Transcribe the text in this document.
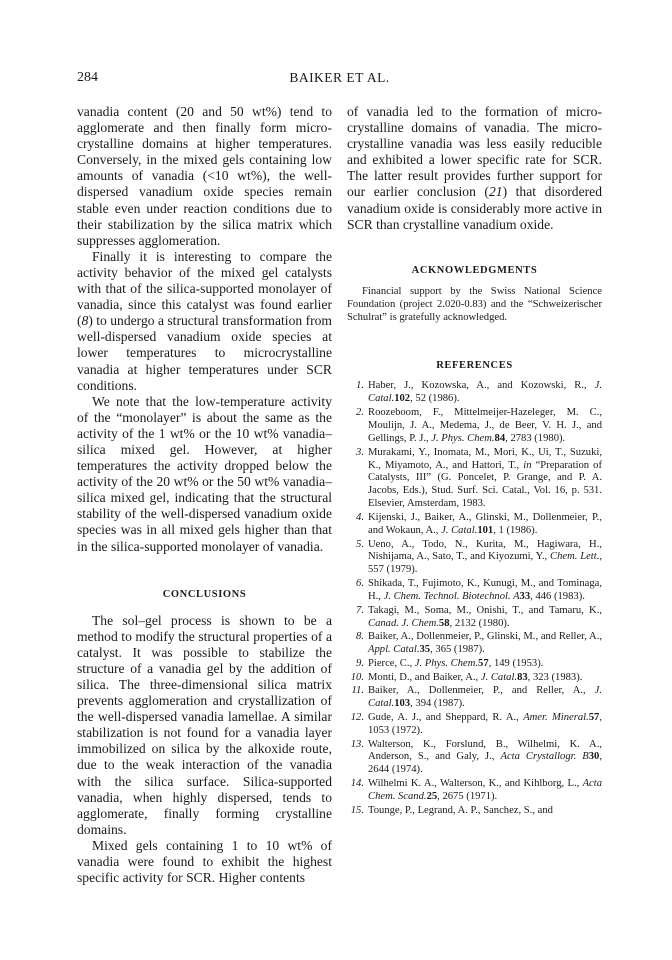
284	BAIKER ET AL.

vanadia content (20 and 50 wt%) tend to agglomerate and then finally form microcrystalline domains at higher temperatures. Conversely, in the mixed gels containing low amounts of vanadia (<10 wt%), the well-dispersed vanadium oxide species remain stable even under reaction conditions due to their stabilization by the silica matrix which suppresses agglomeration.

Finally it is interesting to compare the activity behavior of the mixed gel catalysts with that of the silica-supported monolayer of vanadia, since this catalyst was found earlier (8) to undergo a structural transformation from well-dispersed vanadium oxide species at lower temperatures to microcrystalline vanadia at higher temperatures under SCR conditions.

We note that the low-temperature activity of the “monolayer” is about the same as the activity of the 1 wt% or the 10 wt% vanadia–silica mixed gel. However, at higher temperatures the activity dropped below the activity of the 20 wt% or the 50 wt% vanadia–silica mixed gel, indicating that the structural stability of the well-dispersed vanadium oxide species was in all mixed gels higher than that in the silica-supported monolayer of vanadia.

CONCLUSIONS

The sol–gel process is shown to be a method to modify the structural properties of a catalyst. It was possible to stabilize the structure of a vanadia gel by the addition of silica. The three-dimensional silica matrix prevents agglomeration and crystallization of the well-dispersed vanadia lamellae. A similar stabilization is not found for a vanadia layer immobilized on silica by the alkoxide route, due to the weak interaction of the vanadia with the silica surface. Silica-supported vanadia, when highly dispersed, tends to agglomerate, finally forming crystalline domains.

Mixed gels containing 1 to 10 wt% of vanadia were found to exhibit the highest specific activity for SCR. Higher contents

of vanadia led to the formation of microcrystalline domains of vanadia. The microcrystalline vanadia was less easily reducible and exhibited a lower specific rate for SCR. The latter result provides further support for our earlier conclusion (21) that disordered vanadium oxide is considerably more active in SCR than crystalline vanadium oxide.

ACKNOWLEDGMENTS

Financial support by the Swiss National Science Foundation (project 2.020-0.83) and the “Schweizerischer Schulrat” is gratefully acknowledged.

REFERENCES
1. Haber, J., Kozowska, A., and Kozowski, R., J. Catal.102, 52 (1986).
2. Roozeboom, F., Mittelmeijer-Hazeleger, M. C., Moulijn, J. A., Medema, J., de Beer, V. H. J., and Gellings, P. J., J. Phys. Chem.84, 2783 (1980).
3. Murakami, Y., Inomata, M., Mori, K., Ui, T., Suzuki, K., Miyamoto, A., and Hattori, T., in “Preparation of Catalysts, III” (G. Poncelet, P. Grange, and P. A. Jacobs, Eds.), Stud. Surf. Sci. Catal., Vol. 16, p. 531. Elsevier, Amsterdam, 1983.
4. Kijenski, J., Baiker, A., Glinski, M., Dollenmeier, P., and Wokaun, A., J. Catal.101, 1 (1986).
5. Ueno, A., Todo, N., Kurita, M., Hagiwara, H., Nishijama, A., Sato, T., and Kiyozumi, Y., Chem. Lett., 557 (1979).
6. Shikada, T., Fujimoto, K., Kunugi, M., and Tominaga, H., J. Chem. Technol. Biotechnol. A33, 446 (1983).
7. Takagi, M., Soma, M., Onishi, T., and Tamaru, K., Canad. J. Chem.58, 2132 (1980).
8. Baiker, A., Dollenmeier, P., Glinski, M., and Reller, A., Appl. Catal.35, 365 (1987).
9. Pierce, C., J. Phys. Chem.57, 149 (1953).
10. Monti, D., and Baiker, A., J. Catal.83, 323 (1983).
11. Baiker, A., Dollenmeier, P., and Reller, A., J. Catal.103, 394 (1987).
12. Gude, A. J., and Sheppard, R. A., Amer. Mineral.57, 1053 (1972).
13. Walterson, K., Forslund, B., Wilhelmi, K. A., Anderson, S., and Galy, J., Acta Crystallogr. B30, 2644 (1974).
14. Wilhelmi K. A., Walterson, K., and Kihlborg, L., Acta Chem. Scand.25, 2675 (1971).
15. Tounge, P., Legrand, A. P., Sanchez, S., and
